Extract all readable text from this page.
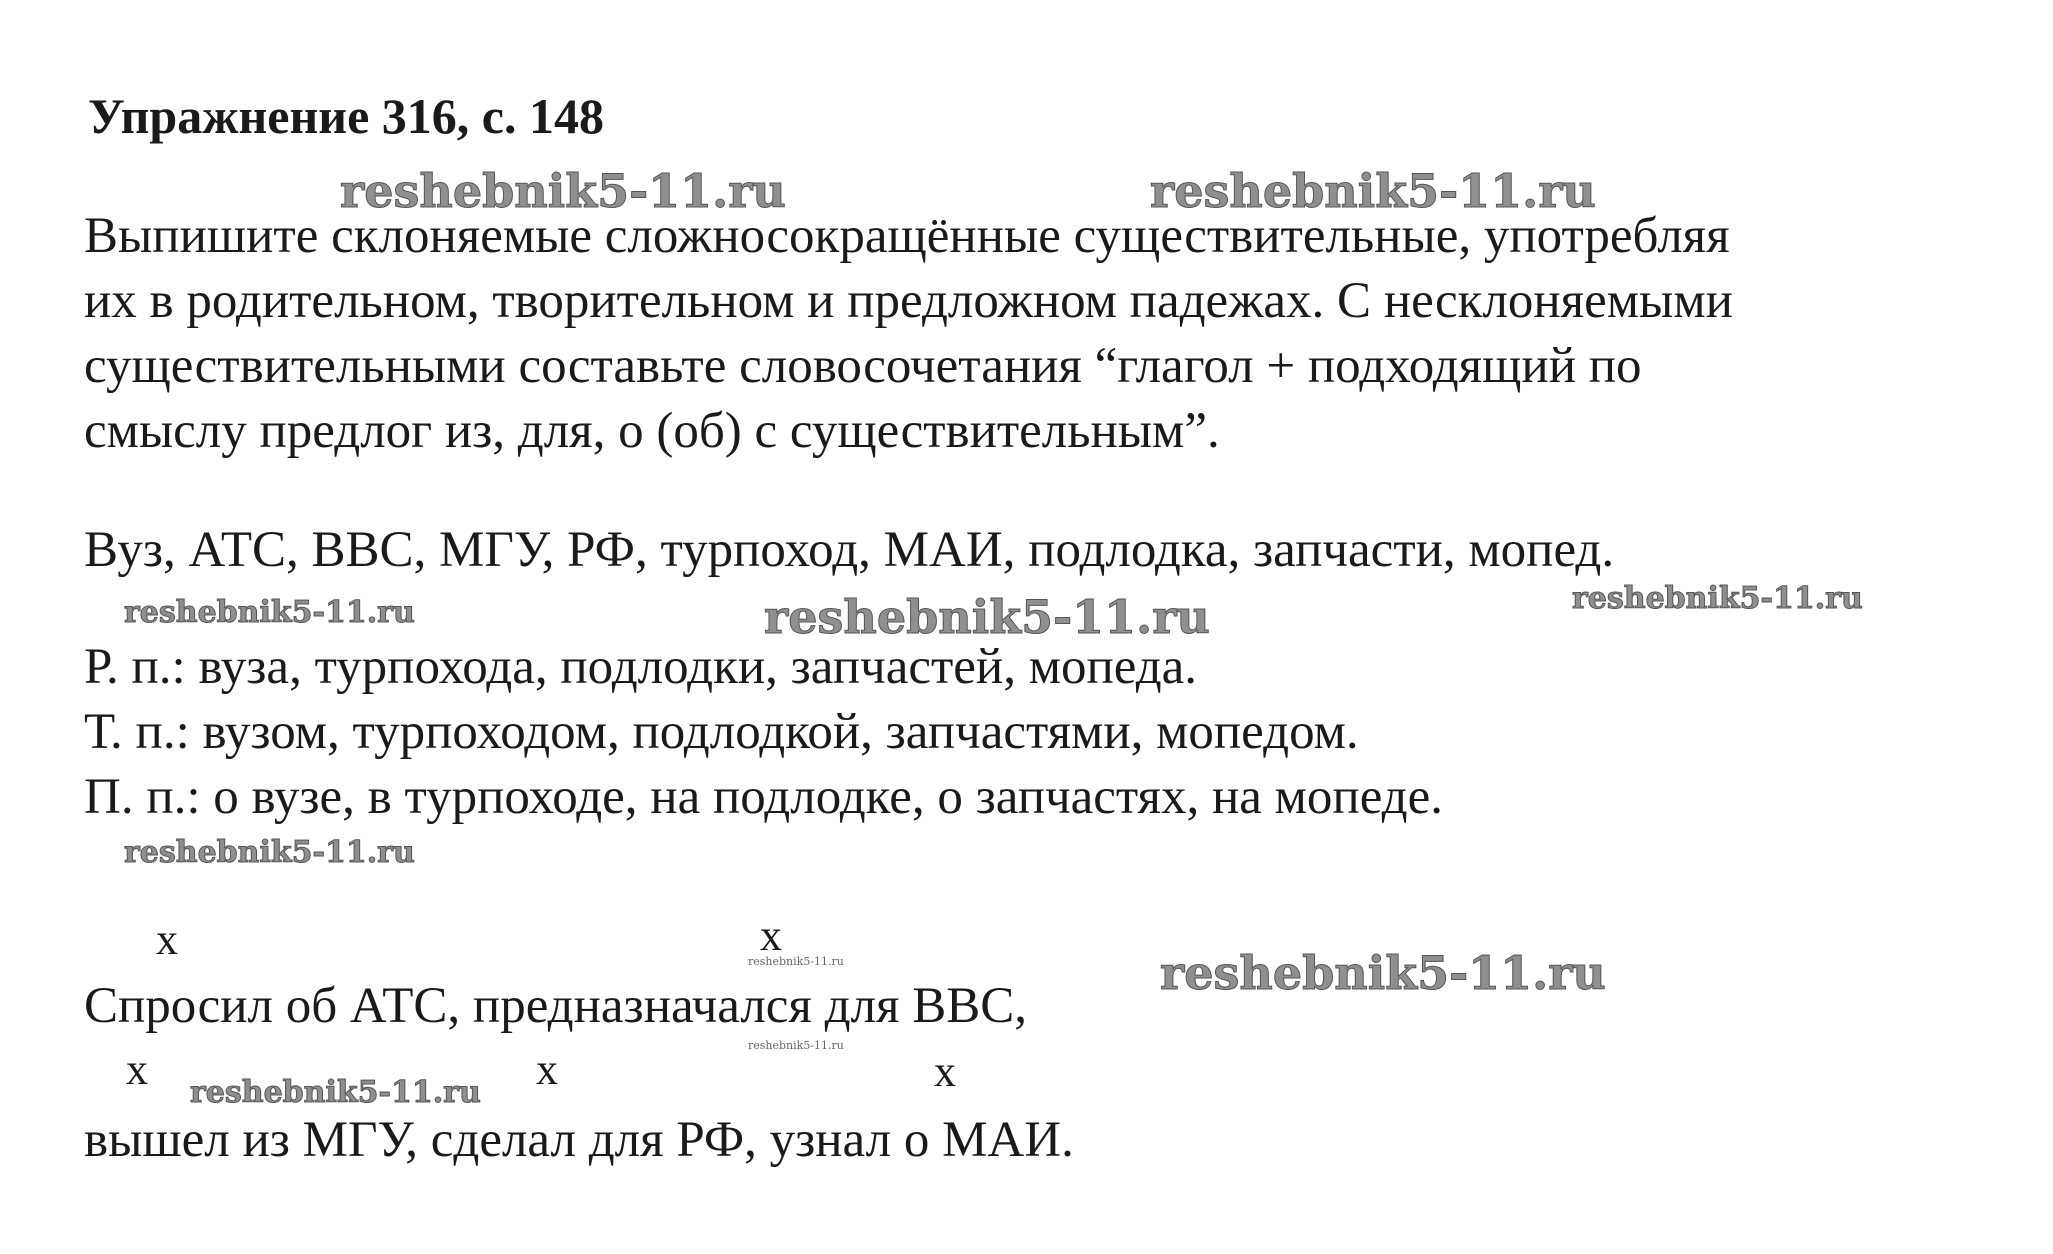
Упражнение 316, с. 148
Выпишите склоняемые сложносокращённые существительные, употребляя
их в родительном, творительном и предложном падежах. С несклоняемыми
существительными составьте словосочетания “глагол + подходящий по
смыслу предлог из, для, о (об) с существительным”.
Вуз, АТС, ВВС, МГУ, РФ, турпоход, МАИ, подлодка, запчасти, мопед.
Р. п.: вуза, турпохода, подлодки, запчастей, мопеда.
Т. п.: вузом, турпоходом, подлодкой, запчастями, мопедом.
П. п.: о вузе, в турпоходе, на подлодке, о запчастях, на мопеде.
x	x
x	x	x
Спросил об АТС, предназначался для ВВС,
вышел из МГУ, сделал для РФ, узнал о МАИ.
reshebnik5-11.ru	reshebnik5-11.ru
reshebnik5-11.ru	reshebnik5-11.ru	reshebnik5-11.ru
reshebnik5-11.ru
reshebnik5-11.ru	reshebnik5-11.ru
reshebnik5-11.ru
reshebnik5-11.ru
